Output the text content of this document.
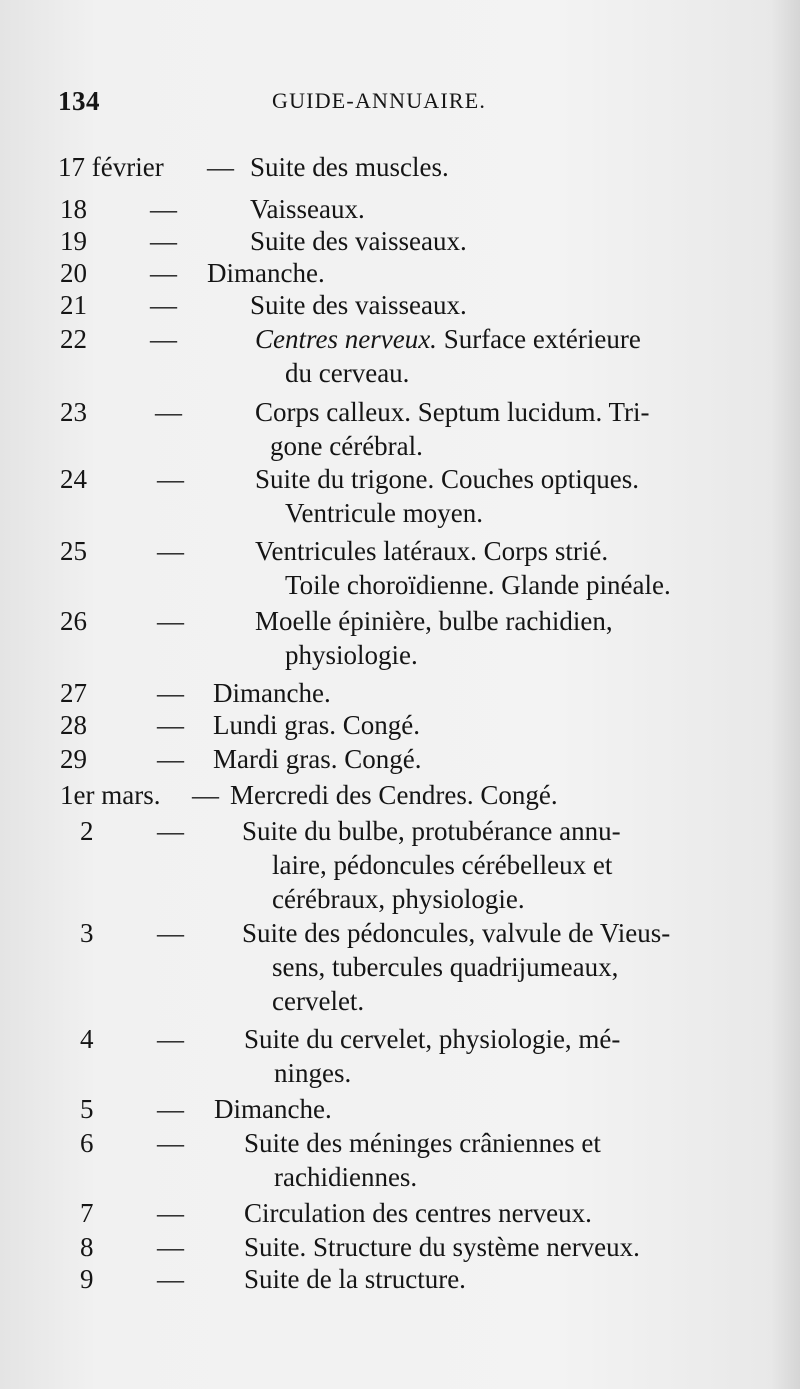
134	GUIDE-ANNUAIRE.
17 février — Suite des muscles.
18 —	Vaisseaux.
19 —	Suite des vaisseaux.
20 — Dimanche.
21 —	Suite des vaisseaux.
22 —	Centres nerveux. Surface extérieure
du cerveau.
23	—	Corps calleux. Septum lucidum. Tri-
gone cérébral.
24	—	Suite du trigone. Couches optiques.
Ventricule moyen.
25	—	Ventricules latéraux. Corps strié.
Toile choroïdienne. Glande pinéale.
26	—	Moelle épinière, bulbe rachidien,
physiologie.
27	— Dimanche.
28	— Lundi gras. Congé.
29	— Mardi gras. Congé.
1er mars. — Mercredi des Cendres. Congé.
2 — Suite du bulbe, protubérance annu-
laire, pédoncules cérébelleux et
cérébraux, physiologie.
3 — Suite des pédoncules, valvule de Vieus-
sens, tubercules quadrijumeaux,
cervelet.
4 — Suite du cervelet, physiologie, mé-
ninges.
5 — Dimanche.
6 — Suite des méninges crâniennes et
rachidiennes.
7 — Circulation des centres nerveux.
8 — Suite. Structure du système nerveux.
9 — Suite de la structure.
